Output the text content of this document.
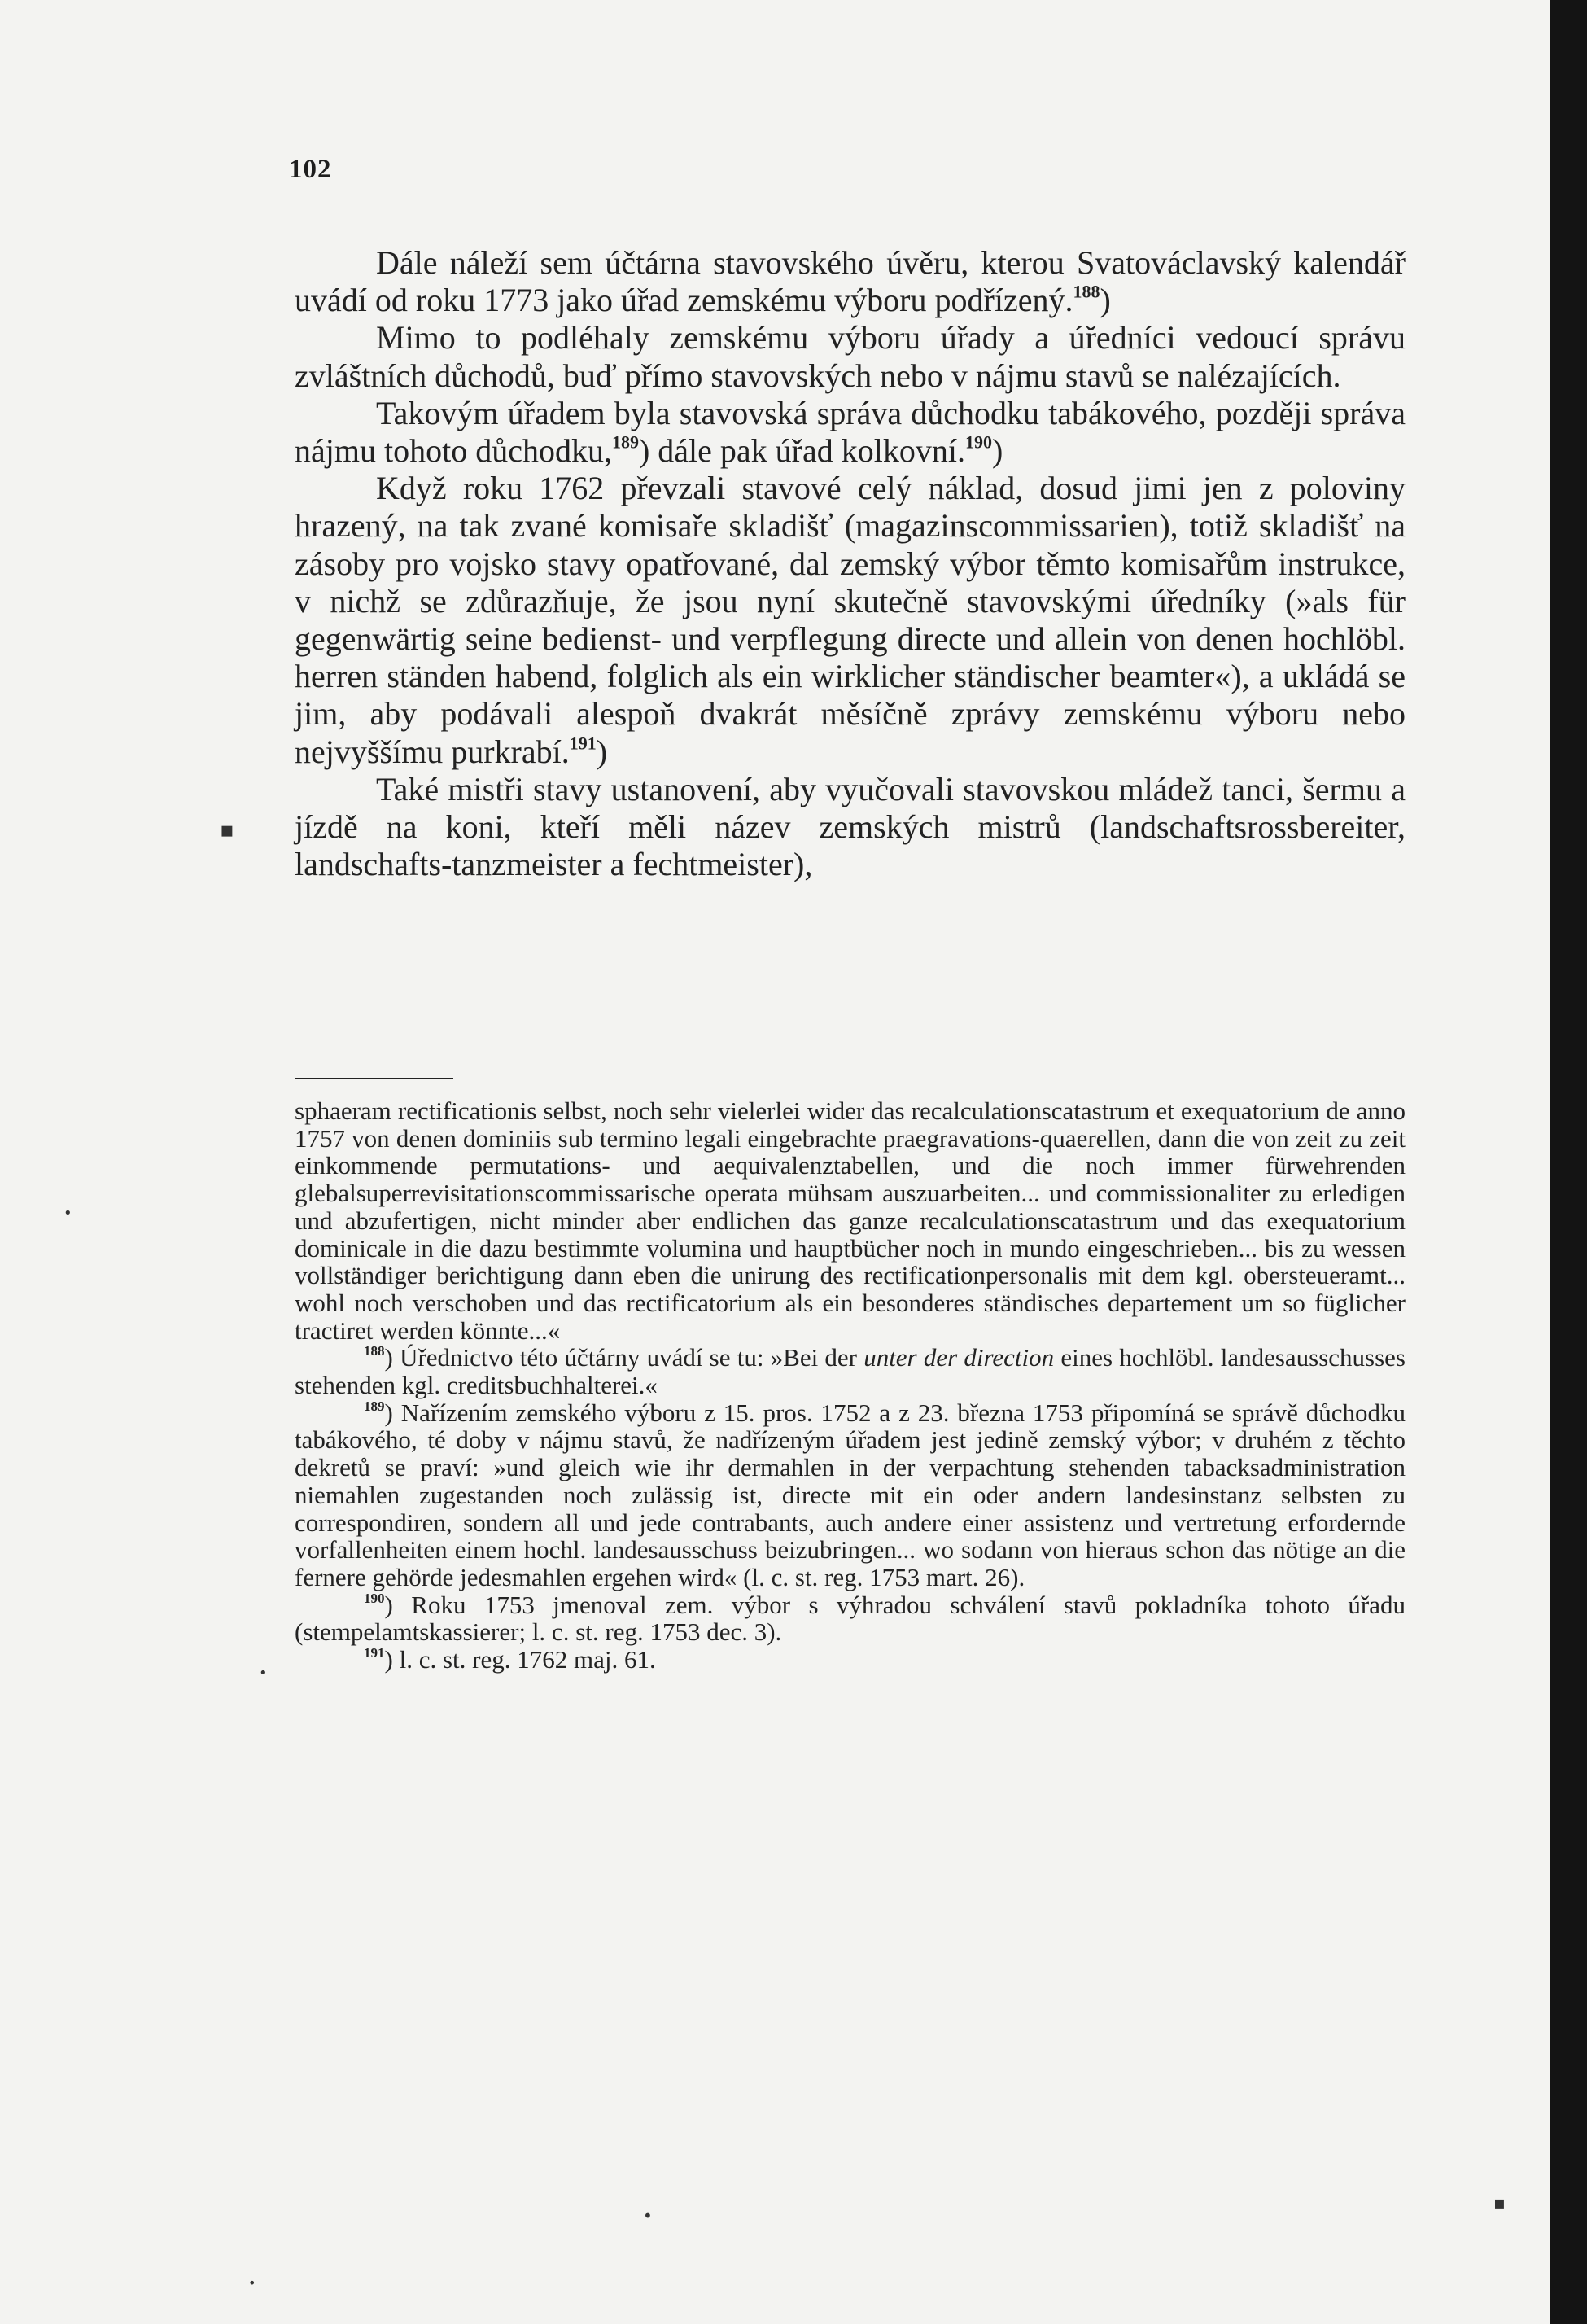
102

Dále náleží sem účtárna stavovského úvěru, kterou Svatováclavský kalendář uvádí od roku 1773 jako úřad zemskému výboru podřízený.$^{188}$)

Mimo to podléhaly zemskému výboru úřady a úředníci vedoucí správu zvláštních důchodů, buď přímo stavovských nebo v nájmu stavů se nalézajících.

Takovým úřadem byla stavovská správa důchodku tabákového, později správa nájmu tohoto důchodku,$^{189}$) dále pak úřad kolkovní.$^{190}$)

Když roku 1762 převzali stavové celý náklad, dosud jimi jen z poloviny hrazený, na tak zvané komisaře skladišť (magazinscommissarien), totiž skladišť na zásoby pro vojsko stavy opatřované, dal zemský výbor těmto komisařům instrukce, v nichž se zdůrazňuje, že jsou nyní skutečně stavovskými úředníky (»als für gegenwärtig seine bedienst- und verpflegung directe und allein von denen hochlöbl. herren ständen habend, folglich als ein wirklicher ständischer beamter«), a ukládá se jim, aby podávali alespoň dvakrát měsíčně zprávy zemskému výboru nebo nejvyššímu purkrabí.$^{191}$)

Také mistři stavy ustanovení, aby vyučovali stavovskou mládež tanci, šermu a jízdě na koni, kteří měli název zemských mistrů (landschaftsrossbereiter, landschafts-tanzmeister a fechtmeister),

sphaeram rectificationis selbst, noch sehr vielerlei wider das recalculationscatastrum et exequatorium de anno 1757 von denen dominiis sub termino legali eingebrachte praegravations-quaerellen, dann die von zeit zu zeit einkommende permutations- und aequivalenztabellen, und die noch immer fürwehrenden glebalsuperrevisitationscommissarische operata mühsam auszuarbeiten... und commissionaliter zu erledigen und abzufertigen, nicht minder aber endlichen das ganze recalculationscatastrum und das exequatorium dominicale in die dazu bestimmte volumina und hauptbücher noch in mundo eingeschrieben... bis zu wessen vollständiger berichtigung dann eben die unirung des rectificationpersonalis mit dem kgl. obersteueramt... wohl noch verschoben und das rectificatorium als ein besonderes ständisches departement um so füglicher tractiret werden könnte...«

$^{188}$) Úřednictvo této účtárny uvádí se tu: »Bei der unter der direction eines hochlöbl. landesausschusses stehenden kgl. creditsbuchhalterei.«

$^{189}$) Nařízením zemského výboru z 15. pros. 1752 a z 23. března 1753 připomíná se správě důchodku tabákového, té doby v nájmu stavů, že nadřízeným úřadem jest jedině zemský výbor; v druhém z těchto dekretů se praví: »und gleich wie ihr dermahlen in der verpachtung stehenden tabacksadministration niemahlen zugestanden noch zulässig ist, directe mit ein oder andern landesinstanz selbsten zu correspondiren, sondern all und jede contrabants, auch andere einer assistenz und vertretung erfordernde vorfallenheiten einem hochl. landesausschuss beizubringen... wo sodann von hieraus schon das nötige an die fernere gehörde jedesmahlen ergehen wird« (l. c. st. reg. 1753 mart. 26).

$^{190}$) Roku 1753 jmenoval zem. výbor s výhradou schválení stavů pokladníka tohoto úřadu (stempelamtskassierer; l. c. st. reg. 1753 dec. 3).

$^{191}$) l. c. st. reg. 1762 maj. 61.

▪
•
•
•
▪
•
